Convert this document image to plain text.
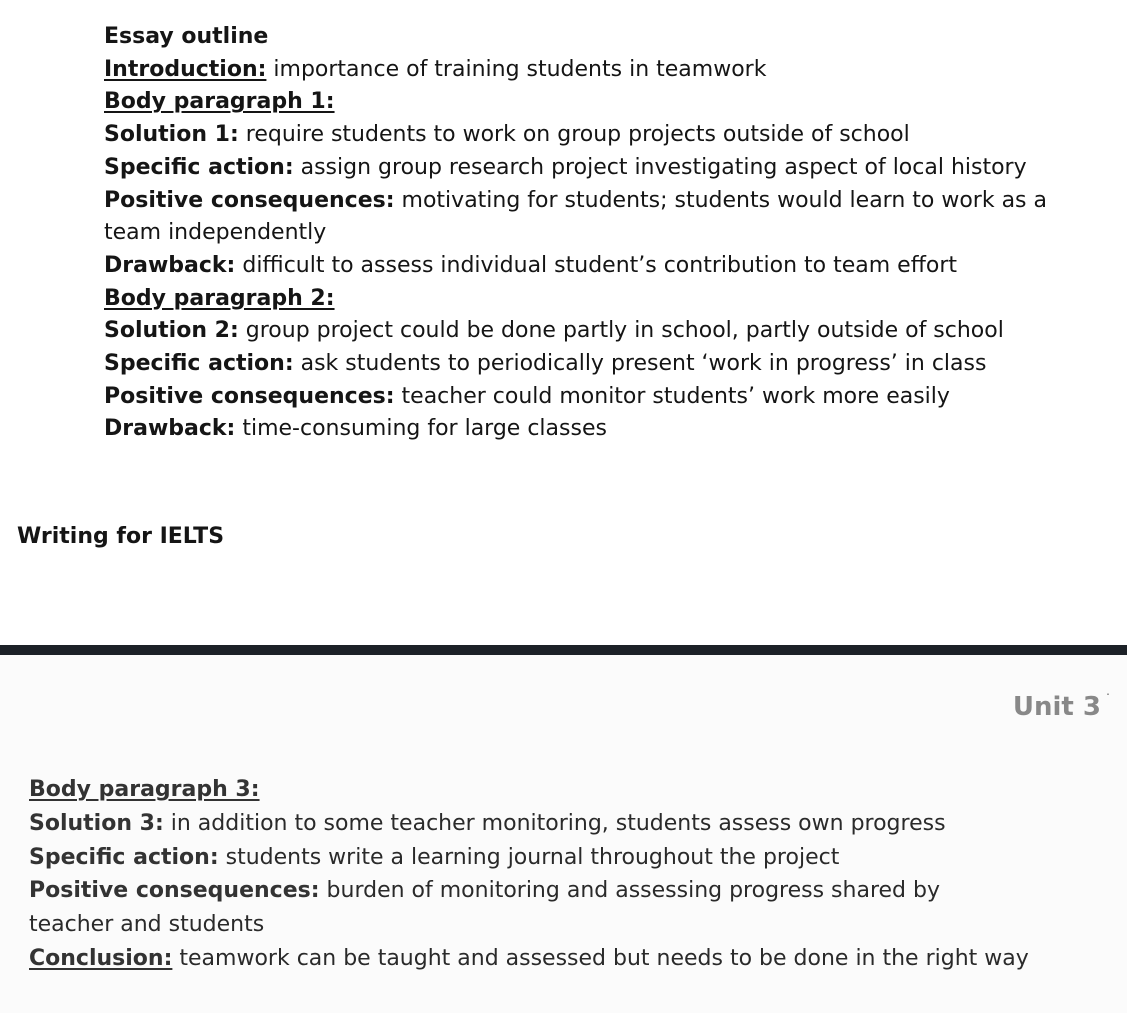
Essay outline
Introduction: importance of training students in teamwork
Body paragraph 1:
Solution 1: require students to work on group projects outside of school
Specific action: assign group research project investigating aspect of local history
Positive consequences: motivating for students; students would learn to work as a team independently
Drawback: difficult to assess individual student’s contribution to team effort
Body paragraph 2:
Solution 2: group project could be done partly in school, partly outside of school
Specific action: ask students to periodically present ‘work in progress’ in class
Positive consequences: teacher could monitor students’ work more easily
Drawback: time-consuming for large classes
Writing for IELTS
Unit 3 ˙
Body paragraph 3:
Solution 3: in addition to some teacher monitoring, students assess own progress
Specific action: students write a learning journal throughout the project
Positive consequences: burden of monitoring and assessing progress shared by teacher and students
Conclusion: teamwork can be taught and assessed but needs to be done in the right way
